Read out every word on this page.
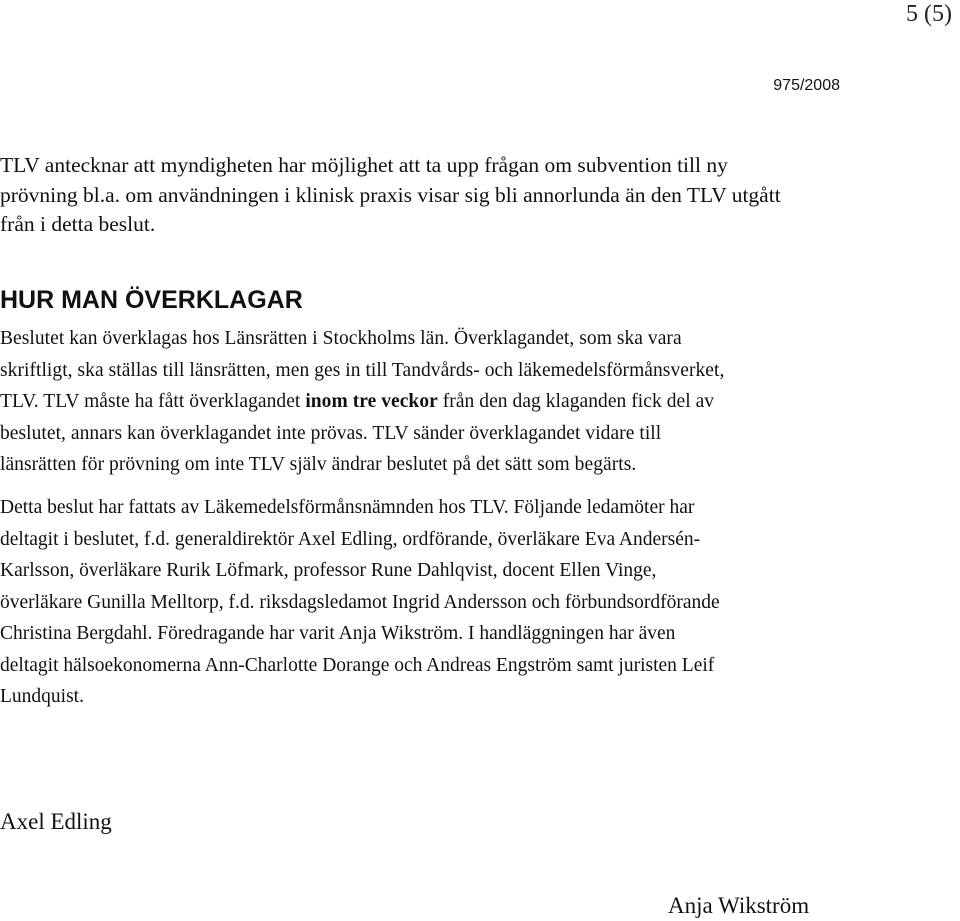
5 (5)
975/2008

TLV antecknar att myndigheten har möjlighet att ta upp frågan om subvention till ny
prövning bl.a. om användningen i klinisk praxis visar sig bli annorlunda än den TLV utgått
från i detta beslut.

HUR MAN ÖVERKLAGAR

Beslutet kan överklagas hos Länsrätten i Stockholms län. Överklagandet, som ska vara
skriftligt, ska ställas till länsrätten, men ges in till Tandvårds- och läkemedelsförmånsverket,
TLV. TLV måste ha fått överklagandet inom tre veckor från den dag klaganden fick del av
beslutet, annars kan överklagandet inte prövas. TLV sänder överklagandet vidare till
länsrätten för prövning om inte TLV själv ändrar beslutet på det sätt som begärts.

Detta beslut har fattats av Läkemedelsförmånsnämnden hos TLV. Följande ledamöter har
deltagit i beslutet, f.d. generaldirektör Axel Edling, ordförande, överläkare Eva Andersén-
Karlsson, överläkare Rurik Löfmark, professor Rune Dahlqvist, docent Ellen Vinge,
överläkare Gunilla Melltorp, f.d. riksdagsledamot Ingrid Andersson och förbundsordförande
Christina Bergdahl. Föredragande har varit Anja Wikström. I handläggningen har även
deltagit hälsoekonomerna Ann-Charlotte Dorange och Andreas Engström samt juristen Leif
Lundquist.

Axel Edling
Anja Wikström
